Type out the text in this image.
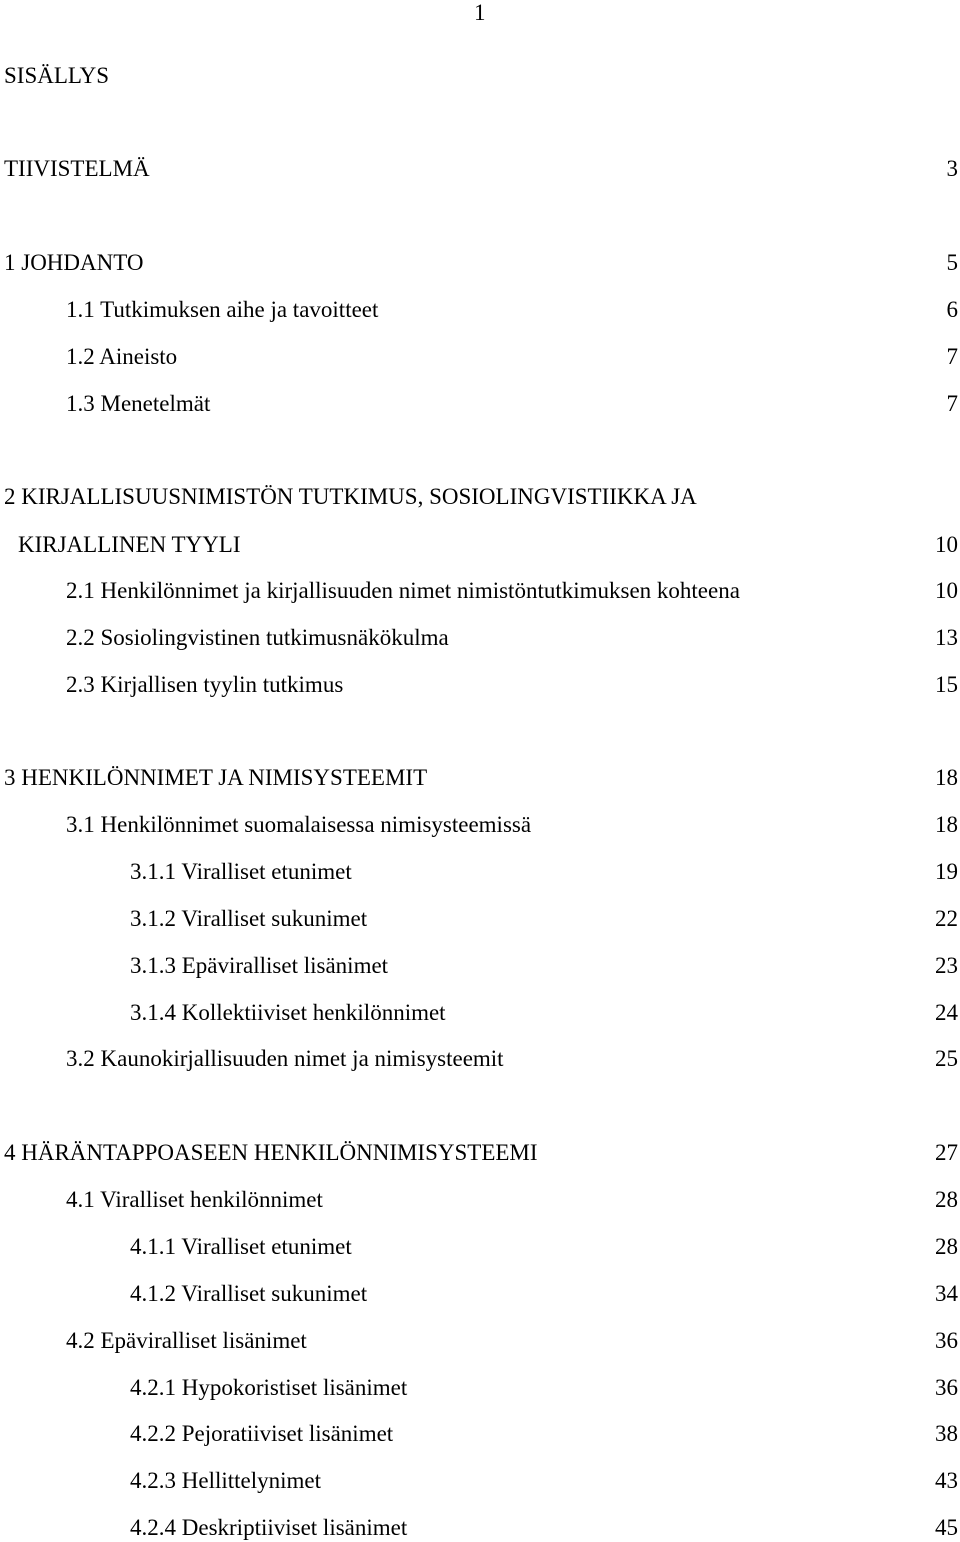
1
SISÄLLYS
TIIVISTELMÄ	3
1 JOHDANTO	5
1.1 Tutkimuksen aihe ja tavoitteet	6
1.2 Aineisto	7
1.3 Menetelmät	7
2 KIRJALLISUUSNIMISTÖN TUTKIMUS, SOSIOLINGVISTIIKKA JA
KIRJALLINEN TYYLI	10
2.1 Henkilönnimet ja kirjallisuuden nimet nimistöntutkimuksen kohteena	10
2.2 Sosiolingvistinen tutkimusnäkökulma	13
2.3 Kirjallisen tyylin tutkimus	15
3 HENKILÖNNIMET JA NIMISYSTEEMIT	18
3.1 Henkilönnimet suomalaisessa nimisysteemissä	18
3.1.1 Viralliset etunimet	19
3.1.2 Viralliset sukunimet	22
3.1.3 Epäviralliset lisänimet	23
3.1.4 Kollektiiviset henkilönnimet	24
3.2 Kaunokirjallisuuden nimet ja nimisysteemit	25
4 HÄRÄNTAPPOASEEN HENKILÖNNIMISYSTEEMI	27
4.1 Viralliset henkilönnimet	28
4.1.1 Viralliset etunimet	28
4.1.2 Viralliset sukunimet	34
4.2 Epäviralliset lisänimet	36
4.2.1 Hypokoristiset lisänimet	36
4.2.2 Pejoratiiviset lisänimet	38
4.2.3 Hellittelynimet	43
4.2.4 Deskriptiiviset lisänimet	45
